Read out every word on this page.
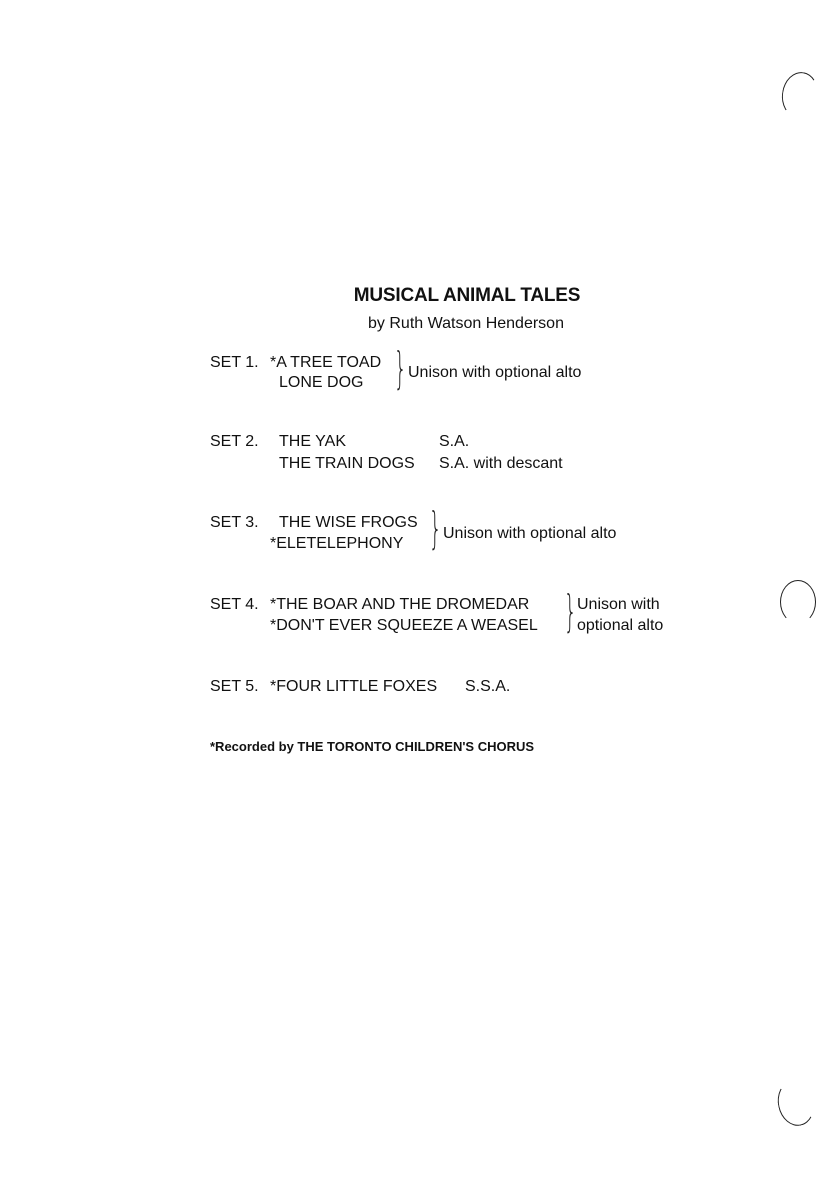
MUSICAL ANIMAL TALES
by Ruth Watson Henderson
SET 1. *A TREE TOAD
LONE DOG } Unison with optional alto
SET 2. THE YAK	S.A.
THE TRAIN DOGS S.A. with descant
SET 3. THE WISE FROGS
*ELETELEPHONY } Unison with optional alto
SET 4. *THE BOAR AND THE DROMEDAR
*DON'T EVER SQUEEZE A WEASEL } Unison with
optional alto
SET 5. *FOUR LITTLE FOXES S.S.A.
*Recorded by THE TORONTO CHILDREN'S CHORUS
